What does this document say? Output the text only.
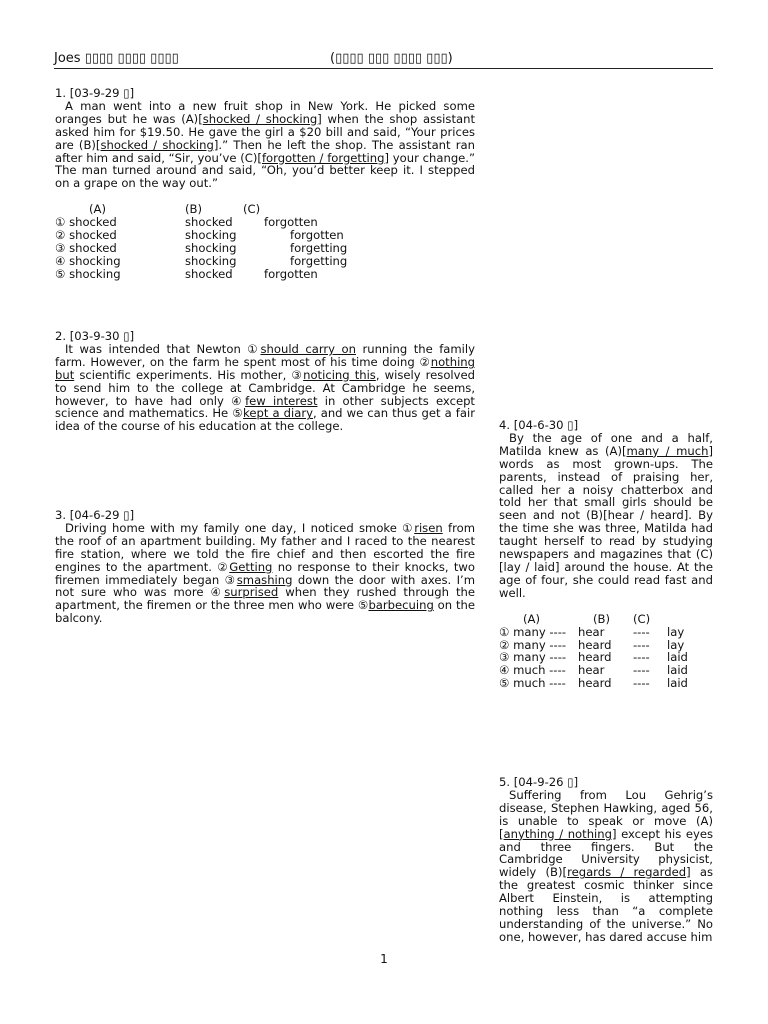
Joes ▯▯▯▯ ▯▯▯▯ ▯▯▯▯	(▯▯▯▯ ▯▯▯ ▯▯▯▯ ▯▯▯)
1. [03-9-29 ▯]

A man went into a new fruit shop in New York. He picked some oranges but he was (A)[shocked / shocking] when the shop assistant asked him for $19.50. He gave the girl a $20 bill and said, “Your prices are (B)[shocked / shocking].” Then he left the shop. The assistant ran after him and said, “Sir, you’ve (C)[forgotten / forgetting] your change.” The man turned around and said, “Oh, you’d better keep it. I stepped on a grape on the way out.”

(A)	(B)	(C)
① shocked	shocked forgotten	
② shocked	shocking forgotten	
③ shocked	shocking forgetting	
④ shocking	shocking forgetting	
⑤ shocking	shocked forgotten	
2. [03-9-30 ▯]

It was intended that Newton ①should carry on running the family farm. However, on the farm he spent most of his time doing ②nothing but scientific experiments. His mother, ③noticing this, wisely resolved to send him to the college at Cambridge. At Cambridge he seems, however, to have had only ④few interest in other subjects except science and mathematics. He ⑤kept a diary, and we can thus get a fair idea of the course of his education at the college.

3. [04-6-29 ▯]

Driving home with my family one day, I noticed smoke ①risen from the roof of an apartment building. My father and I raced to the nearest fire station, where we told the fire chief and then escorted the fire engines to the apartment. ②Getting no response to their knocks, two firemen immediately began ③smashing down the door with axes. I’m not sure who was more ④surprised when they rushed through the apartment, the firemen or the three men who were ⑤barbecuing on the balcony.

4. [04-6-30 ▯]

By the age of one and a half, Matilda knew as (A)[many / much] words as most grown-ups. The parents, instead of praising her, called her a noisy chatterbox and told her that small girls should be seen and not (B)[hear / heard]. By the time she was three, Matilda had taught herself to read by studying newspapers and magazines that (C)[lay / laid] around the house. At the age of four, she could read fast and well.

(A)	(B)	(C)	
① many ----	hear	----	lay
② many ----	heard	----	lay
③ many ----	heard	----	laid
④ much ----	hear	----	laid
⑤ much ----	heard	----	laid
5. [04-9-26 ▯]

Suffering from Lou Gehrig’s disease, Stephen Hawking, aged 56, is unable to speak or move (A)[anything / nothing] except his eyes and three fingers. But the Cambridge University physicist, widely (B)[regards / regarded] as the greatest cosmic thinker since Albert Einstein, is attempting nothing less than “a complete understanding of the universe.” No one, however, has dared accuse him

1
